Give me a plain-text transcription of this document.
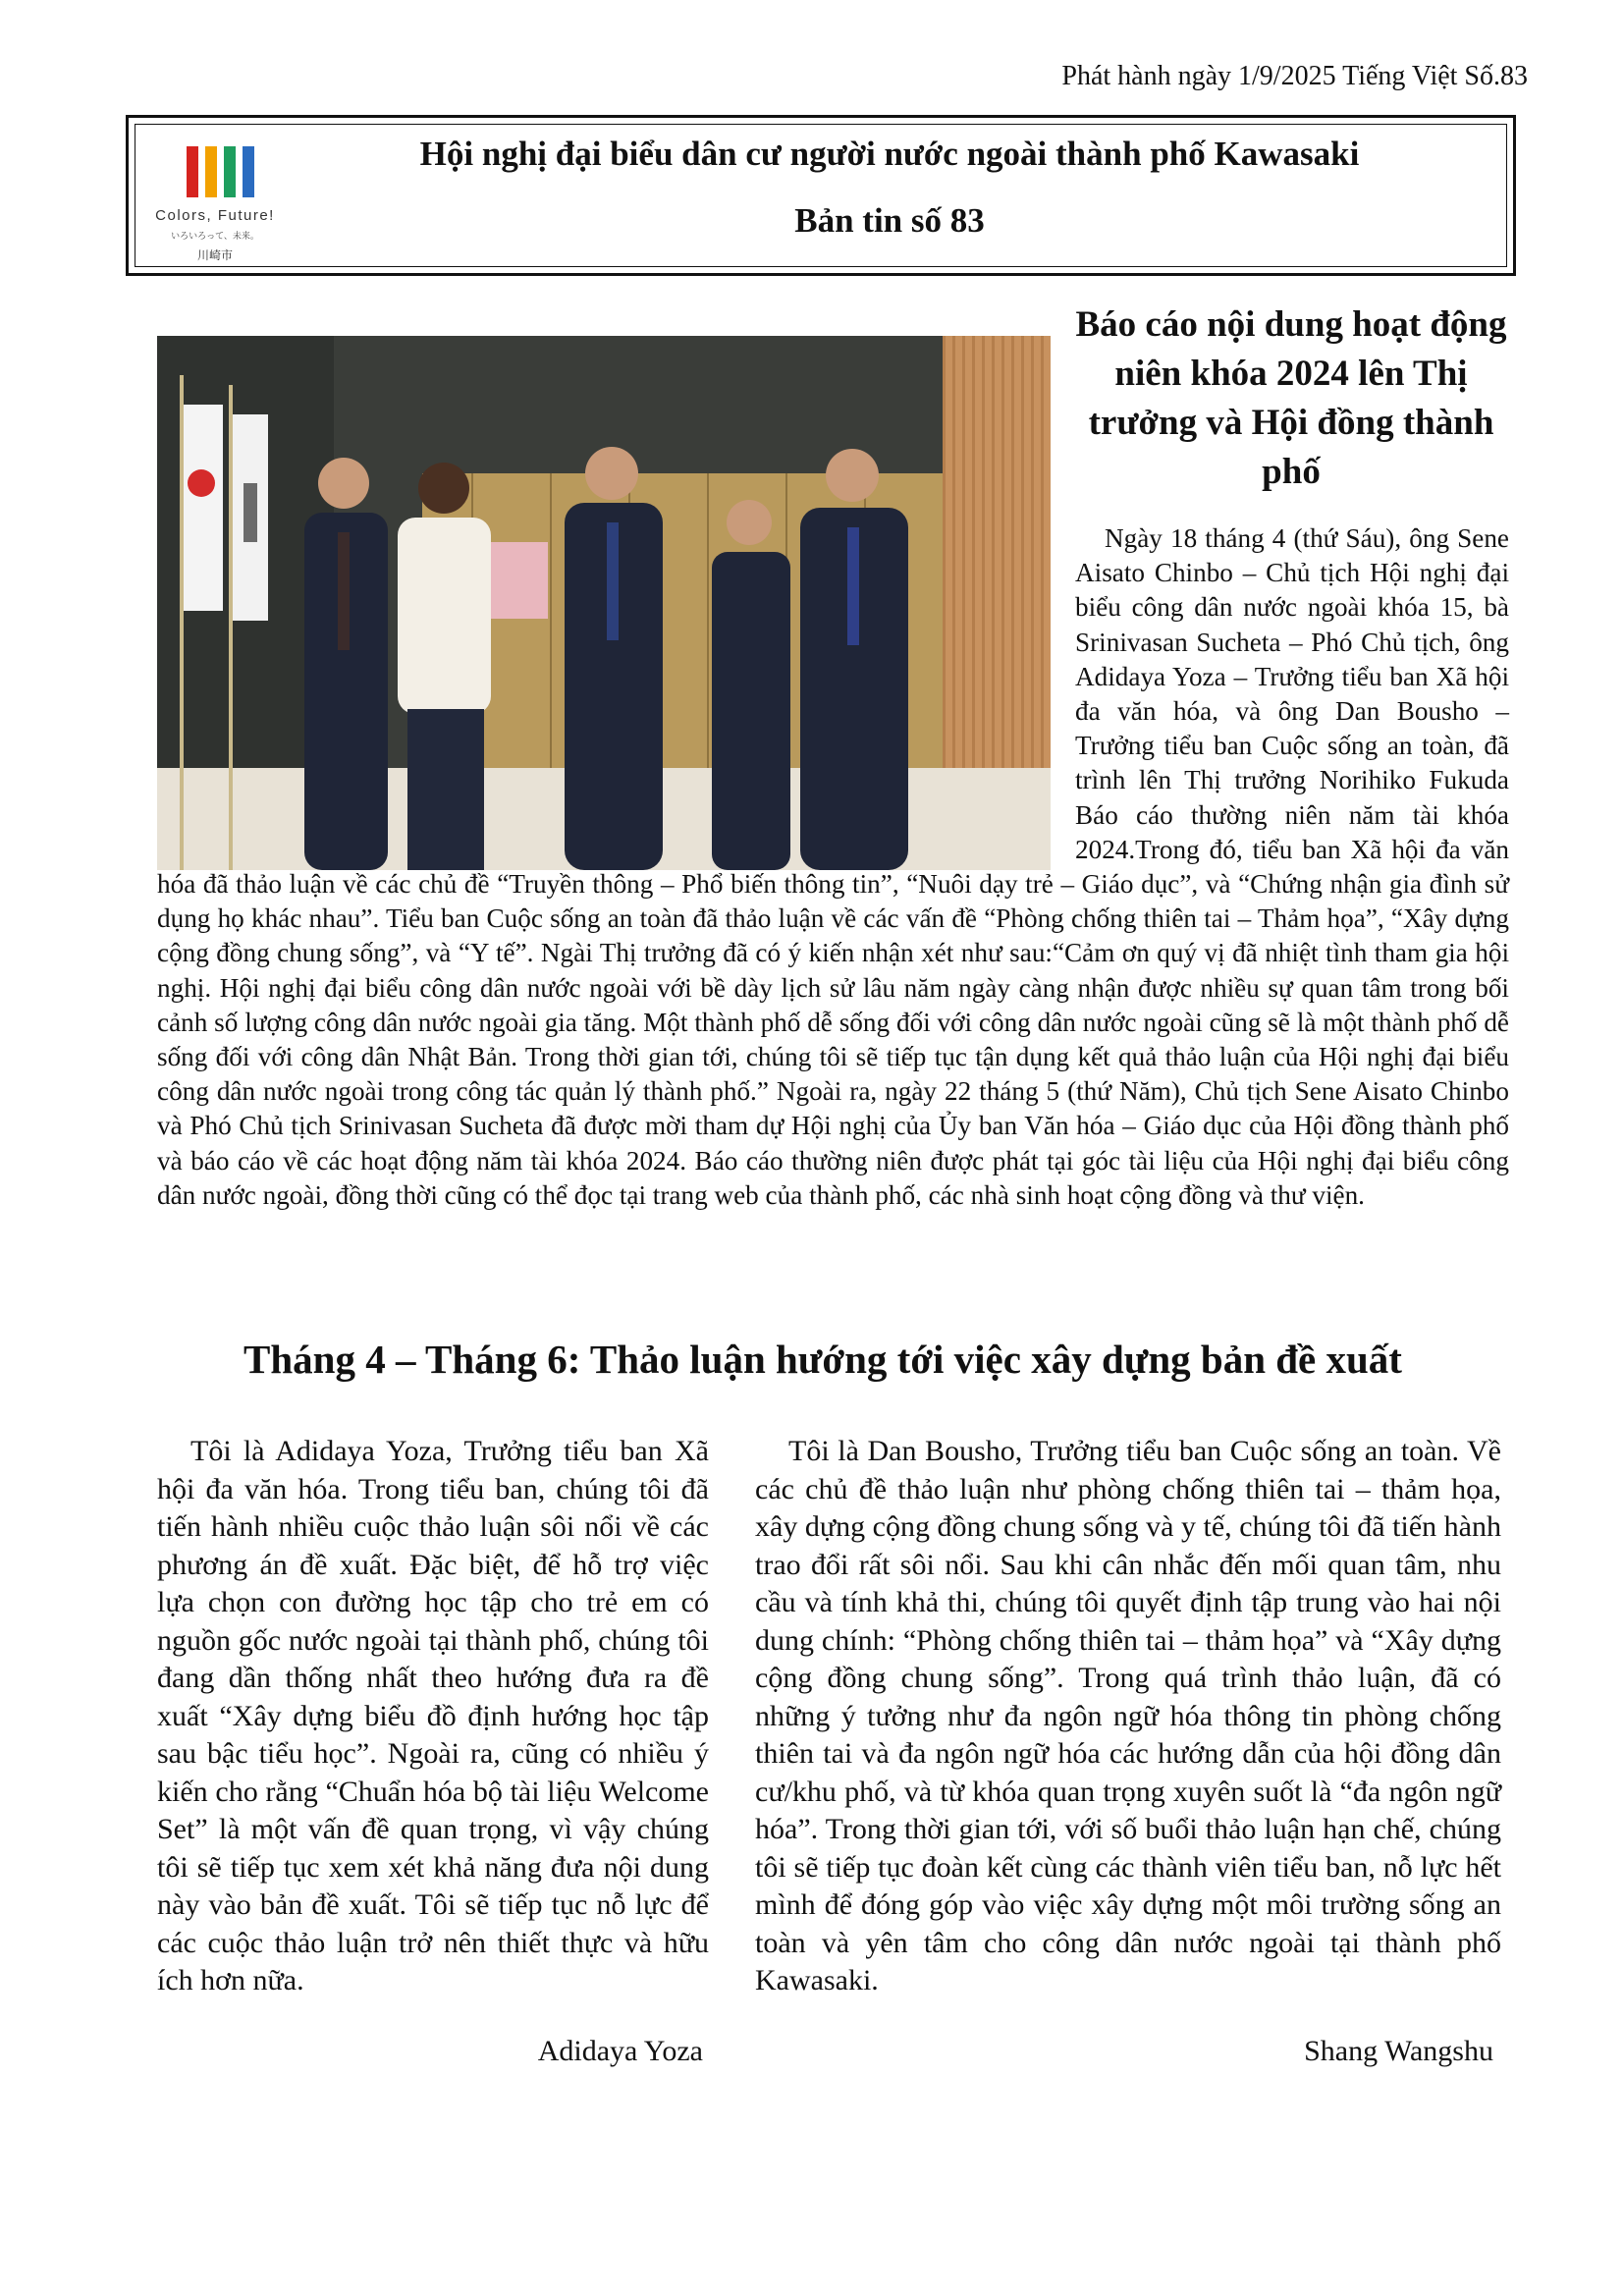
Phát hành ngày 1/9/2025 Tiếng Việt Số.83
Colors, Future!
いろいろって、未来。
川崎市
Hội nghị đại biểu dân cư người nước ngoài thành phố Kawasaki
Bản tin số 83
Báo cáo nội dung hoạt động niên khóa 2024 lên Thị trưởng và Hội đồng thành phố
Ngày 18 tháng 4 (thứ Sáu), ông Sene Aisato Chinbo – Chủ tịch Hội nghị đại biểu công dân nước ngoài khóa 15, bà Srinivasan Sucheta – Phó Chủ tịch, ông Adidaya Yoza – Trưởng tiểu ban Xã hội đa văn hóa, và ông Dan Bousho – Trưởng tiểu ban Cuộc sống an toàn, đã trình lên Thị trưởng Norihiko Fukuda Báo cáo thường niên năm tài khóa 2024.Trong đó, tiểu ban Xã hội đa văn hóa đã thảo luận về các chủ đề “Truyền thông – Phổ biến thông tin”, “Nuôi dạy trẻ – Giáo dục”, và “Chứng nhận gia đình sử dụng họ khác nhau”. Tiểu ban Cuộc sống an toàn đã thảo luận về các vấn đề “Phòng chống thiên tai – Thảm họa”, “Xây dựng cộng đồng chung sống”, và “Y tế”. Ngài Thị trưởng đã có ý kiến nhận xét như sau:“Cảm ơn quý vị đã nhiệt tình tham gia hội nghị. Hội nghị đại biểu công dân nước ngoài với bề dày lịch sử lâu năm ngày càng nhận được nhiều sự quan tâm trong bối cảnh số lượng công dân nước ngoài gia tăng. Một thành phố dễ sống đối với công dân nước ngoài cũng sẽ là một thành phố dễ sống đối với công dân Nhật Bản. Trong thời gian tới, chúng tôi sẽ tiếp tục tận dụng kết quả thảo luận của Hội nghị đại biểu công dân nước ngoài trong công tác quản lý thành phố.” Ngoài ra, ngày 22 tháng 5 (thứ Năm), Chủ tịch Sene Aisato Chinbo và Phó Chủ tịch Srinivasan Sucheta đã được mời tham dự Hội nghị của Ủy ban Văn hóa – Giáo dục của Hội đồng thành phố và báo cáo về các hoạt động năm tài khóa 2024. Báo cáo thường niên được phát tại góc tài liệu của Hội nghị đại biểu công dân nước ngoài, đồng thời cũng có thể đọc tại trang web của thành phố, các nhà sinh hoạt cộng đồng và thư viện.
Tháng 4 – Tháng 6: Thảo luận hướng tới việc xây dựng bản đề xuất
Tôi là Adidaya Yoza, Trưởng tiểu ban Xã hội đa văn hóa. Trong tiểu ban, chúng tôi đã tiến hành nhiều cuộc thảo luận sôi nổi về các phương án đề xuất. Đặc biệt, để hỗ trợ việc lựa chọn con đường học tập cho trẻ em có nguồn gốc nước ngoài tại thành phố, chúng tôi đang dần thống nhất theo hướng đưa ra đề xuất “Xây dựng biểu đồ định hướng học tập sau bậc tiểu học”. Ngoài ra, cũng có nhiều ý kiến cho rằng “Chuẩn hóa bộ tài liệu Welcome Set” là một vấn đề quan trọng, vì vậy chúng tôi sẽ tiếp tục xem xét khả năng đưa nội dung này vào bản đề xuất. Tôi sẽ tiếp tục nỗ lực để các cuộc thảo luận trở nên thiết thực và hữu ích hơn nữa.
Adidaya Yoza
Tôi là Dan Bousho, Trưởng tiểu ban Cuộc sống an toàn. Về các chủ đề thảo luận như phòng chống thiên tai – thảm họa, xây dựng cộng đồng chung sống và y tế, chúng tôi đã tiến hành trao đổi rất sôi nổi. Sau khi cân nhắc đến mối quan tâm, nhu cầu và tính khả thi, chúng tôi quyết định tập trung vào hai nội dung chính: “Phòng chống thiên tai – thảm họa” và “Xây dựng cộng đồng chung sống”. Trong quá trình thảo luận, đã có những ý tưởng như đa ngôn ngữ hóa thông tin phòng chống thiên tai và đa ngôn ngữ hóa các hướng dẫn của hội đồng dân cư/khu phố, và từ khóa quan trọng xuyên suốt là “đa ngôn ngữ hóa”. Trong thời gian tới, với số buổi thảo luận hạn chế, chúng tôi sẽ tiếp tục đoàn kết cùng các thành viên tiểu ban, nỗ lực hết mình để đóng góp vào việc xây dựng một môi trường sống an toàn và yên tâm cho công dân nước ngoài tại thành phố Kawasaki.
Shang Wangshu
